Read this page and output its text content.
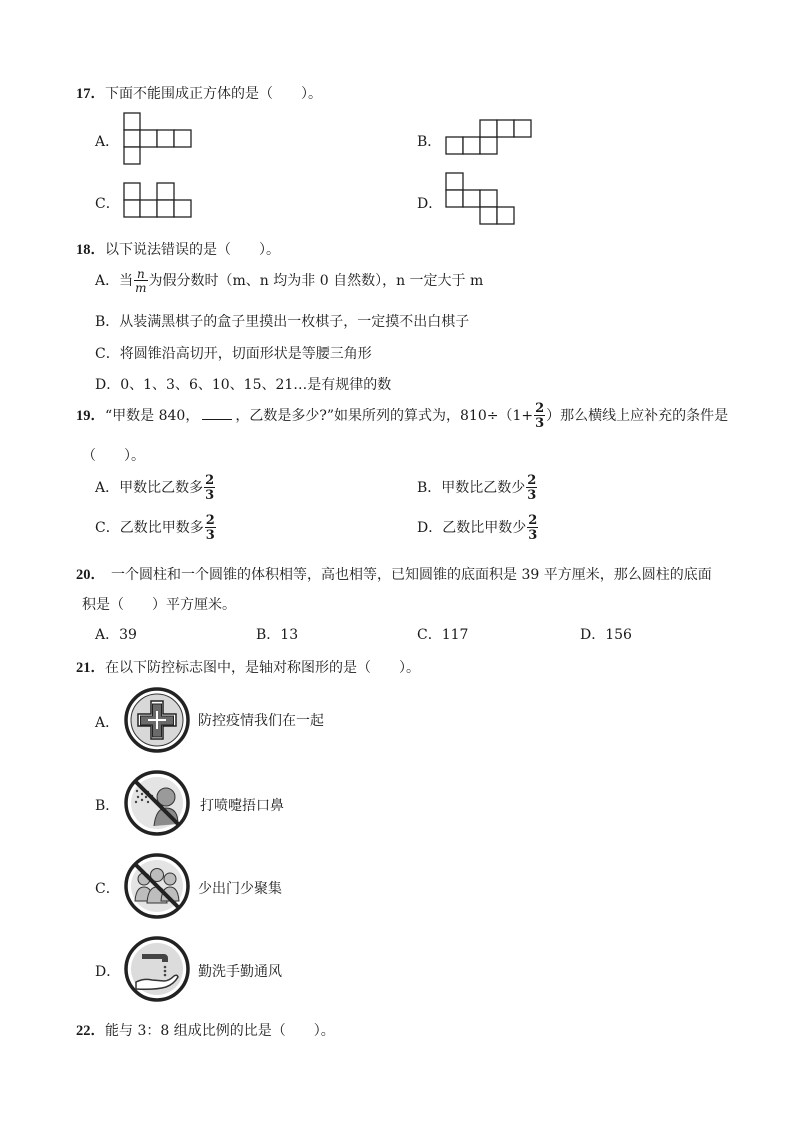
17．下面不能围成正方体的是（　　）。
A．	B．
C．	D．
18．以下说法错误的是（　　）。
A．当 $\frac{n}{m}$ 为假分数时（m、n 均为非 0 自然数），n 一定大于 m
B．从装满黑棋子的盒子里摸出一枚棋子，一定摸不出白棋子
C．将圆锥沿高切开，切面形状是等腰三角形
D．0、1、3、6、10、15、21…是有规律的数
19．“甲数是 840，	，乙数是多少?”如果所列的算式为，$810\div(1+ \frac{2}{3}$ ）那么横线上应补充的条件是
（　　）。
A．甲数比乙数多 $\frac{2}{3}$	B．甲数比乙数少 $\frac{2}{3}$
C．乙数比甲数多 $\frac{2}{3}$	D．乙数比甲数少 $\frac{2}{3}$
20． 一个圆柱和一个圆锥的体积相等，高也相等，已知圆锥的底面积是 39 平方厘米，那么圆柱的底面
积是（　　）平方厘米。
A．39	B．13	C．117	D．156
21．在以下防控标志图中，是轴对称图形的是（　　）。
A．	防控疫情我们在一起
B．	打喷嚏捂口鼻
C．	少出门少聚集
D．	勤洗手勤通风
22．能与 3：8 组成比例的比是（　　）。
